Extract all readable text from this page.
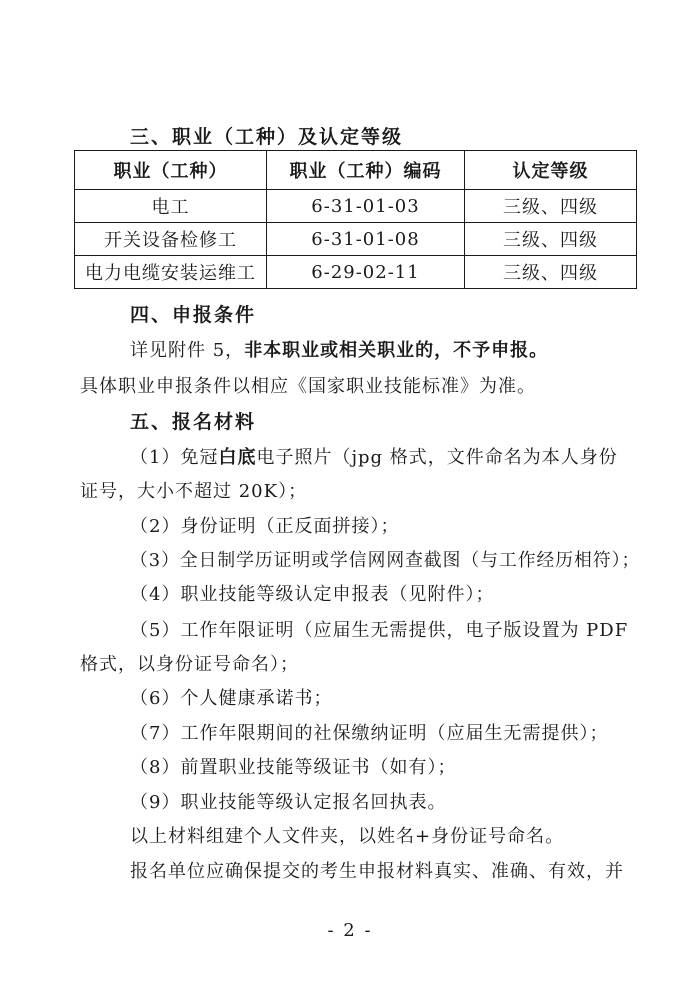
三、职业（工种）及认定等级
职业（工种）	职业（工种）编码	认定等级
电工	6-31-01-03	三级、四级
开关设备检修工	6-31-01-08	三级、四级
电力电缆安装运维工	6-29-02-11	三级、四级
四、申报条件
详见附件 5，非本职业或相关职业的，不予申报。
具体职业申报条件以相应《国家职业技能标准》为准。
五、报名材料
（1）免冠白底电子照片（jpg 格式，文件命名为本人身份
证号，大小不超过 20K）；
（2）身份证明（正反面拼接）；
（3）全日制学历证明或学信网网查截图（与工作经历相符）；
（4）职业技能等级认定申报表（见附件）；
（5）工作年限证明（应届生无需提供，电子版设置为 PDF
格式，以身份证号命名）；
（6）个人健康承诺书；
（7）工作年限期间的社保缴纳证明（应届生无需提供）；
（8）前置职业技能等级证书（如有）；
（9）职业技能等级认定报名回执表。
以上材料组建个人文件夹，以姓名+身份证号命名。
报名单位应确保提交的考生申报材料真实、准确、有效，并
- 2 -
